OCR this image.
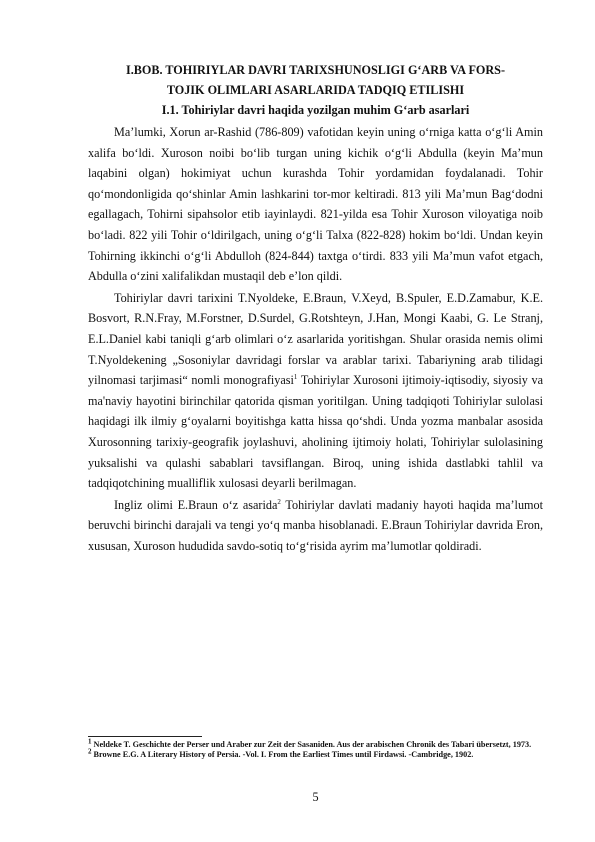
I.BOB. TOHIRIYLAR DAVRI TARIXSHUNOSLIGI G‘ARB VA FORS-
TOJIK OLIMLARI ASARLARIDA TADQIQ ETILISHI
I.1. Tohiriylar davri haqida yozilgan muhim G‘arb asarlari

Ma’lumki, Xorun ar-Rashid (786-809) vafotidan keyin uning o‘rniga katta o‘g‘li Amin xalifa bo‘ldi. Xuroson noibi bo‘lib turgan uning kichik o‘g‘li Abdulla (keyin Ma’mun laqabini olgan) hokimiyat uchun kurashda Tohir yordamidan foydalanadi. Tohir qo‘mondonligida qo‘shinlar Amin lashkarini tor-mor keltiradi. 813 yili Ma’mun Bag‘dodni egallagach, Tohirni sipahsolor etib iayinlaydi. 821-yilda esa Tohir Xuroson viloyatiga noib bo‘ladi. 822 yili Tohir o‘ldirilgach, uning o‘g‘li Talxa (822-828) hokim bo‘ldi. Undan keyin Tohirning ikkinchi o‘g‘li Abdulloh (824-844) taxtga o‘tirdi. 833 yili Ma’mun vafot etgach, Abdulla o‘zini xalifalikdan mustaqil deb e’lon qildi.

Tohiriylar davri tarixini T.Nyoldeke, E.Braun, V.Xeyd, B.Spuler, E.D.Zamabur, K.E. Bosvort, R.N.Fray, M.Forstner, D.Surdel, G.Rotshteyn, J.Han, Mongi Kaabi, G. Le Stranj, E.L.Daniel kabi taniqli g‘arb olimlari o‘z asarlarida yoritishgan. Shular orasida nemis olimi T.Nyoldekening „Sosoniylar davridagi forslar va arablar tarixi. Tabariyning arab tilidagi yilnomasi tarjimasi“ nomli monografiyasi$^1$ Tohiriylar Xurosoni ijtimoiy-iqtisodiy, siyosiy va ma'naviy hayotini birinchilar qatorida qisman yoritilgan. Uning tadqiqoti Tohiriylar sulolasi haqidagi ilk ilmiy g‘oyalarni boyitishga katta hissa qo‘shdi. Unda yozma manbalar asosida Xurosonning tarixiy-geografik joylashuvi, aholining ijtimoiy holati, Tohiriylar sulolasining yuksalishi va qulashi sabablari tavsiflangan. Biroq, uning ishida dastlabki tahlil va tadqiqotchining mualliflik xulosasi deyarli berilmagan.

Ingliz olimi E.Braun o‘z asarida$^2$ Tohiriylar davlati madaniy hayoti haqida ma’lumot beruvchi birinchi darajali va tengi yo‘q manba hisoblanadi. E.Braun Tohiriylar davrida Eron, xususan, Xuroson hududida savdo-sotiq to‘g‘risida ayrim ma’lumotlar qoldiradi.

$^1$ Neldeke T. Geschichte der Perser und Araber zur Zeit der Sasaniden. Aus der arabischen Chronik des Tabari übersetzt, 1973.

$^2$ Browne E.G. A Literary History of Persia. -Vol. I. From the Earliest Times until Firdawsi. -Cambridge, 1902.

5
